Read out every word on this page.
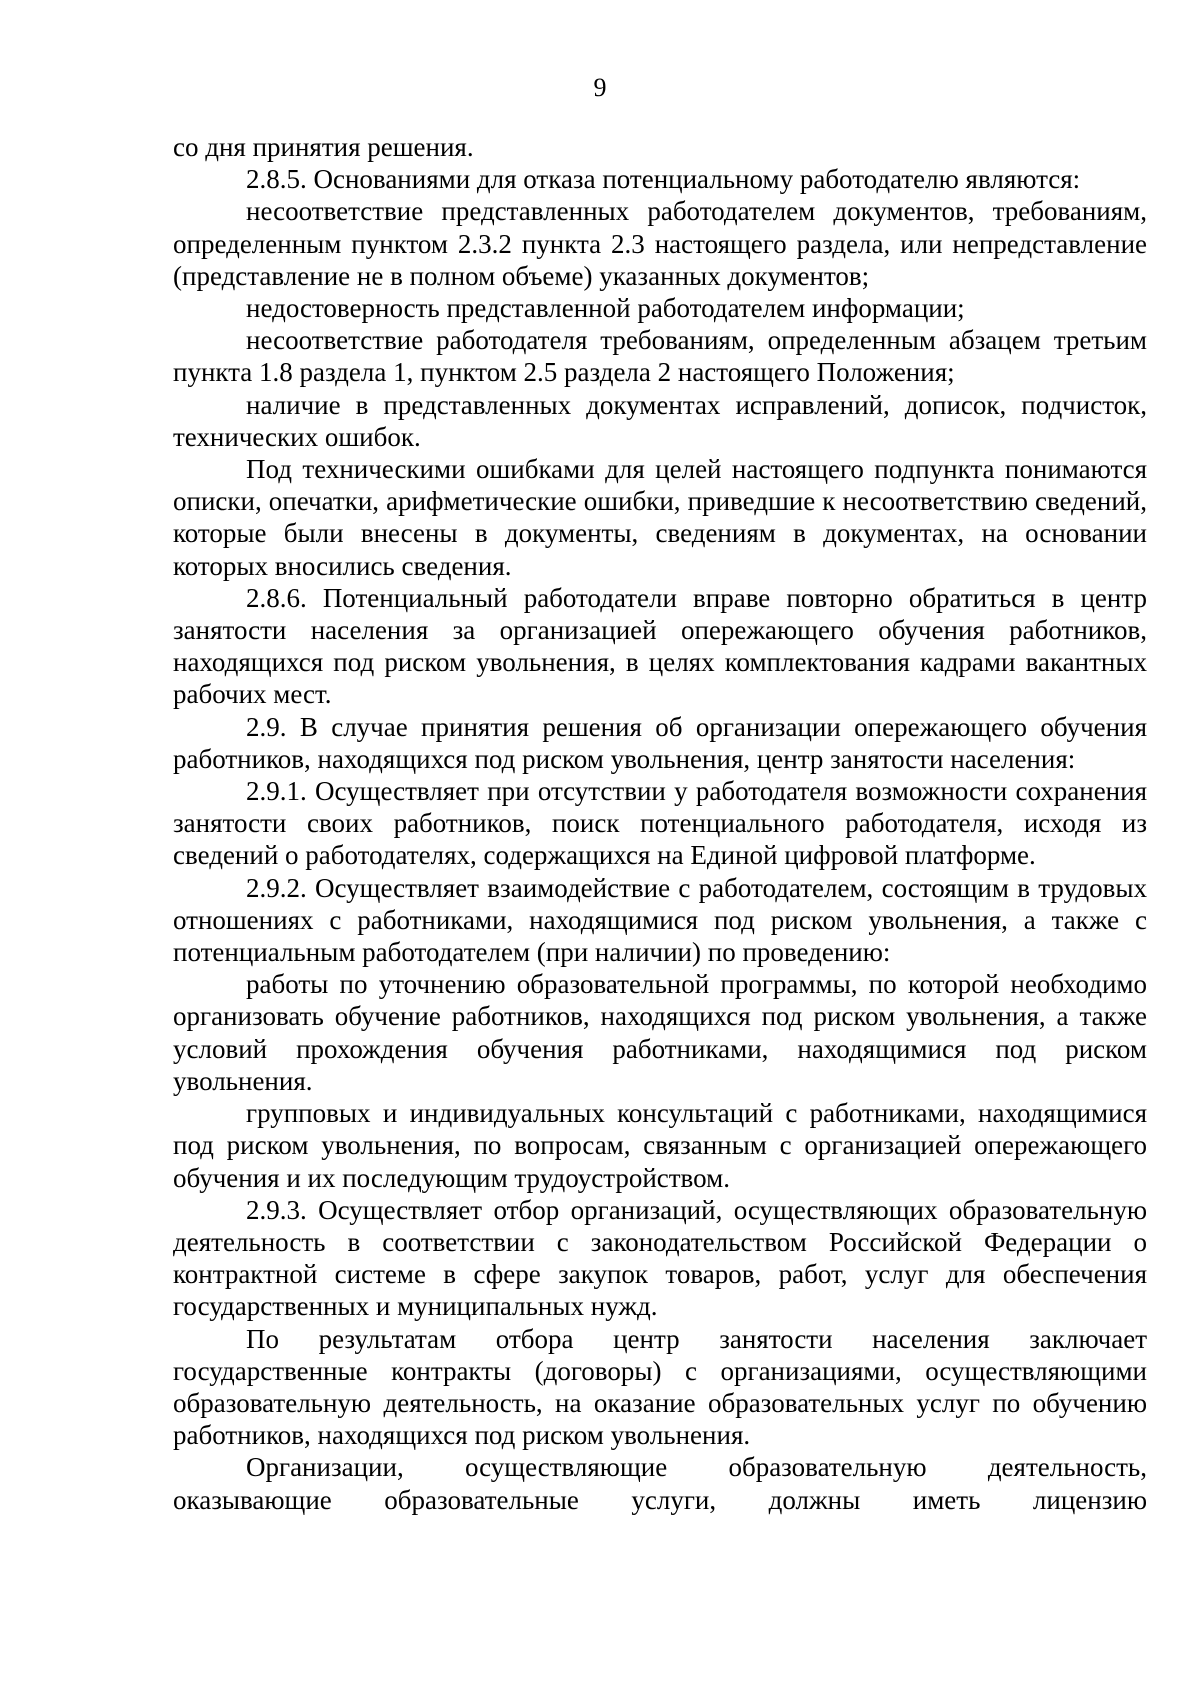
9

со дня принятия решения.

2.8.5. Основаниями для отказа потенциальному работодателю являются:

несоответствие представленных работодателем документов, требованиям, определенным пунктом 2.3.2 пункта 2.3 настоящего раздела, или непредставление (представление не в полном объеме) указанных документов;

недостоверность представленной работодателем информации;

несоответствие работодателя требованиям, определенным абзацем третьим пункта 1.8 раздела 1, пунктом 2.5 раздела 2 настоящего Положения;

наличие в представленных документах исправлений, дописок, подчисток, технических ошибок.

Под техническими ошибками для целей настоящего подпункта понимаются описки, опечатки, арифметические ошибки, приведшие к несоответствию сведений, которые были внесены в документы, сведениям в документах, на основании которых вносились сведения.

2.8.6. Потенциальный работодатели вправе повторно обратиться в центр занятости населения за организацией опережающего обучения работников, находящихся под риском увольнения, в целях комплектования кадрами вакантных рабочих мест.

2.9. В случае принятия решения об организации опережающего обучения работников, находящихся под риском увольнения, центр занятости населения:

2.9.1. Осуществляет при отсутствии у работодателя возможности сохранения занятости своих работников, поиск потенциального работодателя, исходя из сведений о работодателях, содержащихся на Единой цифровой платформе.

2.9.2. Осуществляет взаимодействие с работодателем, состоящим в трудовых отношениях с работниками, находящимися под риском увольнения, а также с потенциальным работодателем (при наличии) по проведению:

работы по уточнению образовательной программы, по которой необходимо организовать обучение работников, находящихся под риском увольнения, а также условий прохождения обучения работниками, находящимися под риском увольнения.

групповых и индивидуальных консультаций с работниками, находящимися под риском увольнения, по вопросам, связанным с организацией опережающего обучения и их последующим трудоустройством.

2.9.3. Осуществляет отбор организаций, осуществляющих образовательную деятельность в соответствии с законодательством Российской Федерации о контрактной системе в сфере закупок товаров, работ, услуг для обеспечения государственных и муниципальных нужд.

По результатам отбора центр занятости населения заключает государственные контракты (договоры) с организациями, осуществляющими образовательную деятельность, на оказание образовательных услуг по обучению работников, находящихся под риском увольнения.

Организации, осуществляющие образовательную деятельность, оказывающие образовательные услуги, должны иметь лицензию
